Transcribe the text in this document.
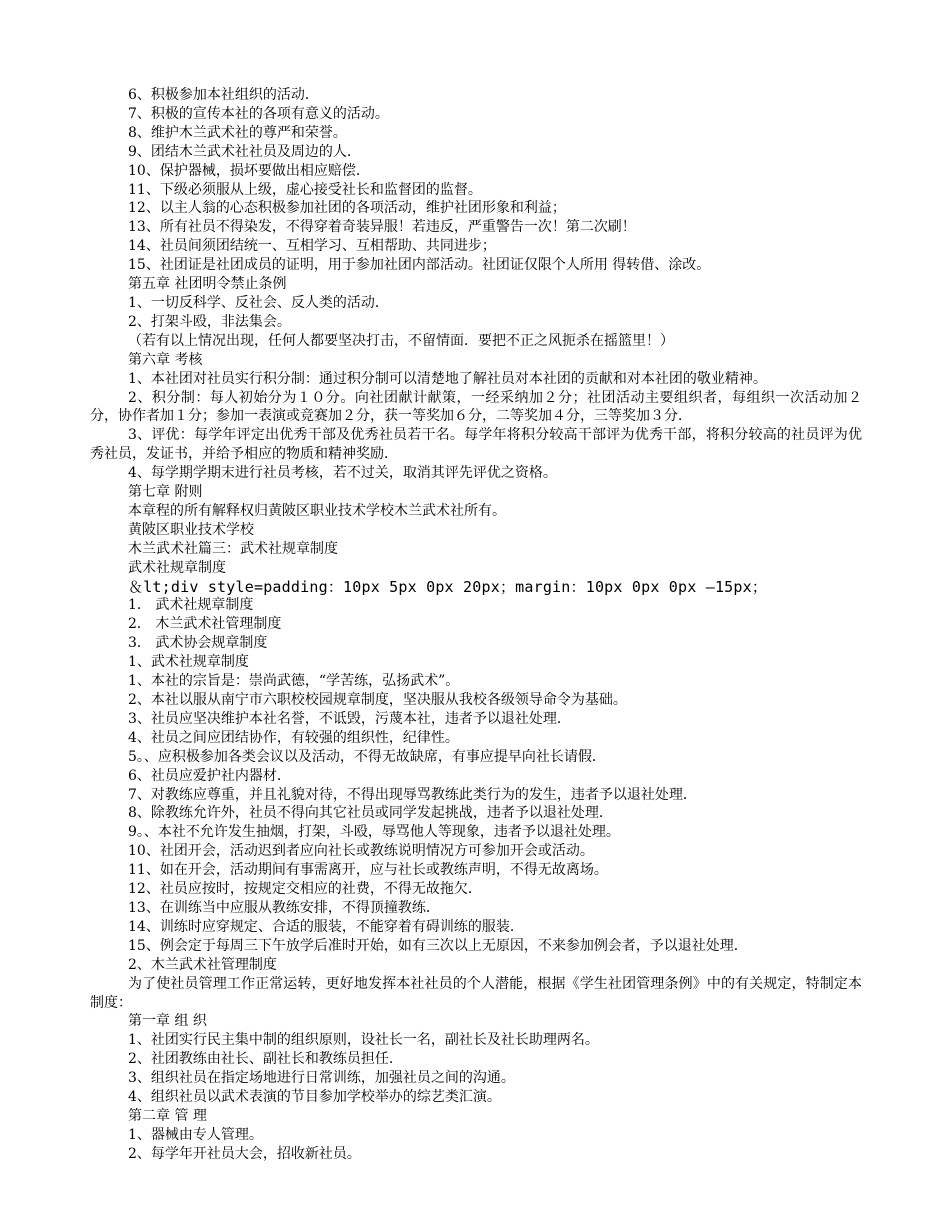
6、积极参加本社组织的活动．
7、积极的宣传本社的各项有意义的活动。
8、维护木兰武术社的尊严和荣誉。
9、团结木兰武术社社员及周边的人．
10、保护器械，损坏要做出相应赔偿．
11、下级必须服从上级，虚心接受社长和监督团的监督。
12、以主人翁的心态积极参加社团的各项活动，维护社团形象和利益；
13、所有社员不得染发，不得穿着奇装异服！若违反，严重警告一次！第二次刷！
14、社员间须团结统一、互相学习、互相帮助、共同进步；
15、社团证是社团成员的证明，用于参加社团内部活动。社团证仅限个人所用 得转借、涂改。
第五章 社团明令禁止条例
1、一切反科学、反社会、反人类的活动．
2、打架斗殴，非法集会。
（若有以上情况出现，任何人都要坚决打击，不留情面．要把不正之风扼杀在摇篮里！）
第六章 考核
1、本社团对社员实行积分制：通过积分制可以清楚地了解社员对本社团的贡献和对本社团的敬业精神。
2、积分制：每人初始分为１０分。向社团献计献策，一经采纳加２分；社团活动主要组织者，每组织一次活动加２分，协作者加１分；参加一表演或竞赛加２分，获一等奖加６分，二等奖加４分，三等奖加３分．
3、评优：每学年评定出优秀干部及优秀社员若干名。每学年将积分较高干部评为优秀干部，将积分较高的社员评为优秀社员，发证书，并给予相应的物质和精神奖励．
4、每学期学期末进行社员考核，若不过关，取消其评先评优之资格。
第七章 附则
本章程的所有解释权归黄陂区职业技术学校木兰武术社所有。
黄陂区职业技术学校
木兰武术社篇三：武术社规章制度
武术社规章制度
＆lt;div style=padding：10px 5px 0px 20px；margin：10px 0px 0px —15px；
1． 武术社规章制度
2． 木兰武术社管理制度
3． 武术协会规章制度
1、武术社规章制度
1、本社的宗旨是：崇尚武德，“学苦练，弘扬武术”。
2、本社以服从南宁市六职校校园规章制度，坚决服从我校各级领导命令为基础。
3、社员应坚决维护本社名誉，不诋毁，污蔑本社，违者予以退社处理．
4、社员之间应团结协作，有较强的组织性，纪律性。
5。、应积极参加各类会议以及活动，不得无故缺席，有事应提早向社长请假．
6、社员应爱护社内器材．
7、对教练应尊重，并且礼貌对待，不得出现辱骂教练此类行为的发生，违者予以退社处理．
8、除教练允许外，社员不得向其它社员或同学发起挑战，违者予以退社处理．
9。、本社不允许发生抽烟，打架，斗殴，辱骂他人等现象，违者予以退社处理。
10、社团开会，活动迟到者应向社长或教练说明情况方可参加开会或活动。
11、如在开会，活动期间有事需离开，应与社长或教练声明，不得无故离场。
12、社员应按时，按规定交相应的社费，不得无故拖欠．
13、在训练当中应服从教练安排，不得顶撞教练．
14、训练时应穿规定、合适的服装，不能穿着有碍训练的服装．
15、例会定于每周三下午放学后准时开始，如有三次以上无原因，不来参加例会者，予以退社处理．
2、木兰武术社管理制度
为了使社员管理工作正常运转，更好地发挥本社社员的个人潜能，根据《学生社团管理条例》中的有关规定，特制定本制度：
第一章 组 织
1、社团实行民主集中制的组织原则，设社长一名，副社长及社长助理两名。
2、社团教练由社长、副社长和教练员担任．
3、组织社员在指定场地进行日常训练，加强社员之间的沟通。
4、组织社员以武术表演的节目参加学校举办的综艺类汇演。
第二章 管 理
1、器械由专人管理。
2、每学年开社员大会，招收新社员。
